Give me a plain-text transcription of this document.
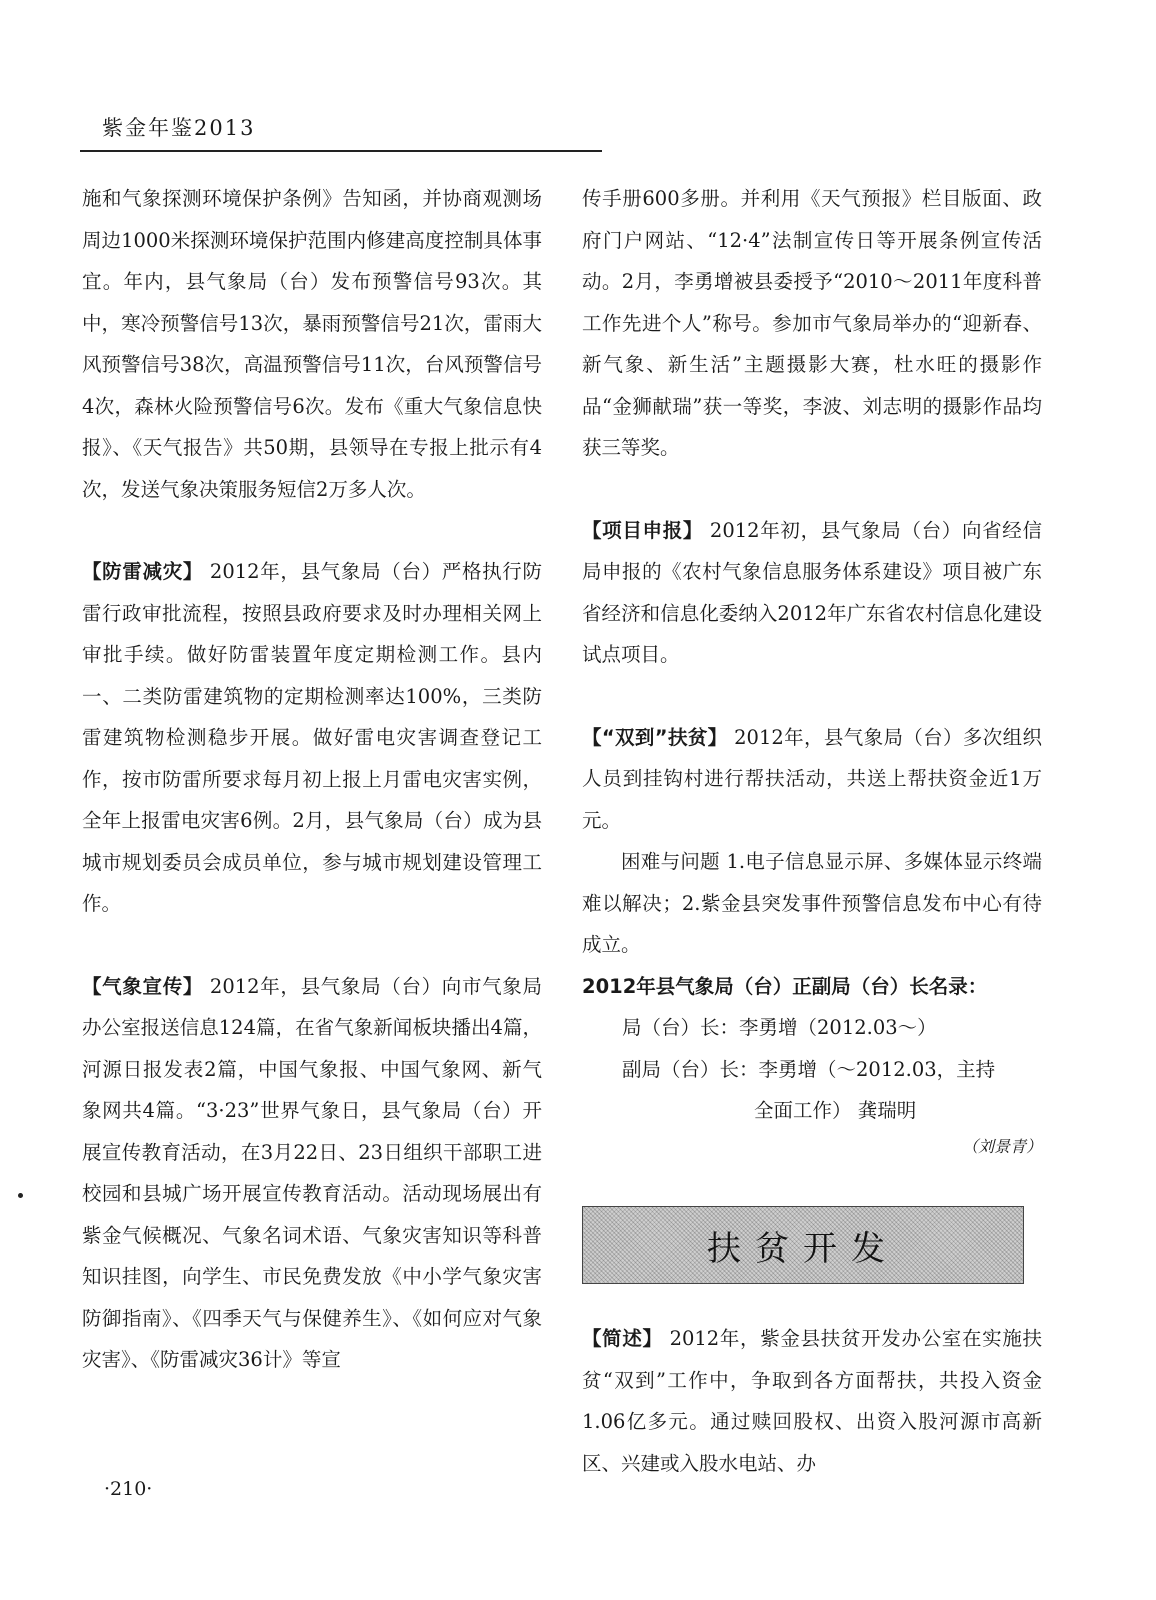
紫金年鉴2013

施和气象探测环境保护条例》告知函，并协商观测场周边1000米探测环境保护范围内修建高度控制具体事宜。年内，县气象局（台）发布预警信号93次。其中，寒冷预警信号13次，暴雨预警信号21次，雷雨大风预警信号38次，高温预警信号11次，台风预警信号4次，森林火险预警信号6次。发布《重大气象信息快报》、《天气报告》共50期，县领导在专报上批示有4次，发送气象决策服务短信2万多人次。

【防雷减灾】 2012年，县气象局（台）严格执行防雷行政审批流程，按照县政府要求及时办理相关网上审批手续。做好防雷装置年度定期检测工作。县内一、二类防雷建筑物的定期检测率达100%，三类防雷建筑物检测稳步开展。做好雷电灾害调查登记工作，按市防雷所要求每月初上报上月雷电灾害实例，全年上报雷电灾害6例。2月，县气象局（台）成为县城市规划委员会成员单位，参与城市规划建设管理工作。

【气象宣传】 2012年，县气象局（台）向市气象局办公室报送信息124篇，在省气象新闻板块播出4篇，河源日报发表2篇，中国气象报、中国气象网、新气象网共4篇。“3·23”世界气象日，县气象局（台）开展宣传教育活动，在3月22日、23日组织干部职工进校园和县城广场开展宣传教育活动。活动现场展出有紫金气候概况、气象名词术语、气象灾害知识等科普知识挂图，向学生、市民免费发放《中小学气象灾害防御指南》、《四季天气与保健养生》、《如何应对气象灾害》、《防雷减灾36计》等宣

传手册600多册。并利用《天气预报》栏目版面、政府门户网站、“12·4”法制宣传日等开展条例宣传活动。2月，李勇增被县委授予“2010～2011年度科普工作先进个人”称号。参加市气象局举办的“迎新春、新气象、新生活”主题摄影大赛，杜水旺的摄影作品“金狮献瑞”获一等奖，李波、刘志明的摄影作品均获三等奖。

【项目申报】 2012年初，县气象局（台）向省经信局申报的《农村气象信息服务体系建设》项目被广东省经济和信息化委纳入2012年广东省农村信息化建设试点项目。

【“双到”扶贫】 2012年，县气象局（台）多次组织人员到挂钩村进行帮扶活动，共送上帮扶资金近1万元。

困难与问题 1.电子信息显示屏、多媒体显示终端难以解决；2.紫金县突发事件预警信息发布中心有待成立。

2012年县气象局（台）正副局（台）长名录：

局（台）长：李勇增（2012.03～）

副局（台）长：李勇增（～2012.03，主持

全面工作） 龚瑞明

（刘景青）

扶贫开发

【简述】 2012年，紫金县扶贫开发办公室在实施扶贫“双到”工作中，争取到各方面帮扶，共投入资金1.06亿多元。通过赎回股权、出资入股河源市高新区、兴建或入股水电站、办

·210·
